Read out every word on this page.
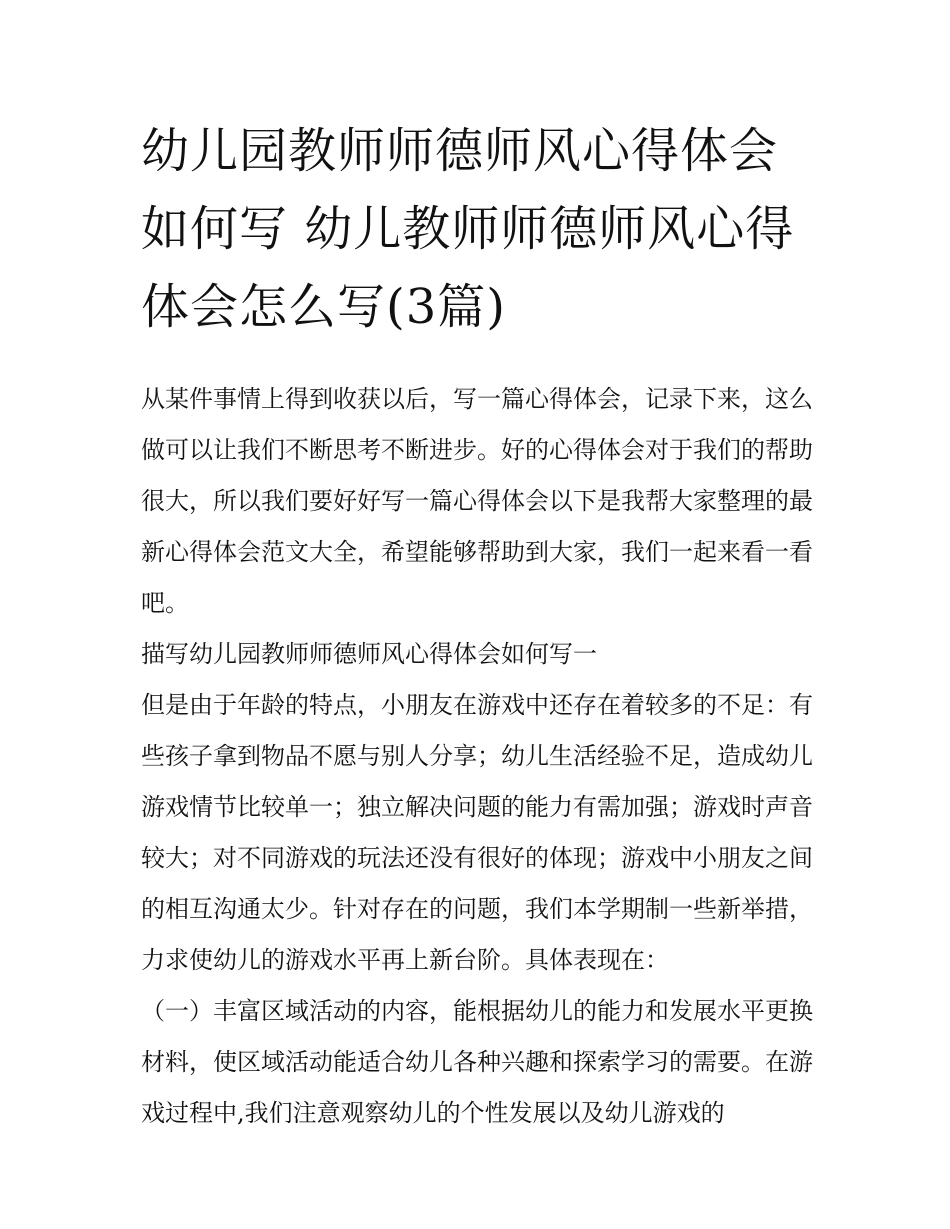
幼儿园教师师德师风心得体会如何写 幼儿教师师德师风心得体会怎么写(3篇)

从某件事情上得到收获以后，写一篇心得体会，记录下来，这么做可以让我们不断思考不断进步。好的心得体会对于我们的帮助很大，所以我们要好好写一篇心得体会以下是我帮大家整理的最新心得体会范文大全，希望能够帮助到大家，我们一起来看一看吧。

描写幼儿园教师师德师风心得体会如何写一

但是由于年龄的特点，小朋友在游戏中还存在着较多的不足：有些孩子拿到物品不愿与别人分享；幼儿生活经验不足，造成幼儿游戏情节比较单一；独立解决问题的能力有需加强；游戏时声音较大；对不同游戏的玩法还没有很好的体现；游戏中小朋友之间的相互沟通太少。针对存在的问题，我们本学期制一些新举措，力求使幼儿的游戏水平再上新台阶。具体表现在：

（一）丰富区域活动的内容，能根据幼儿的能力和发展水平更换材料，使区域活动能适合幼儿各种兴趣和探索学习的需要。在游戏过程中,我们注意观察幼儿的个性发展以及幼儿游戏的
